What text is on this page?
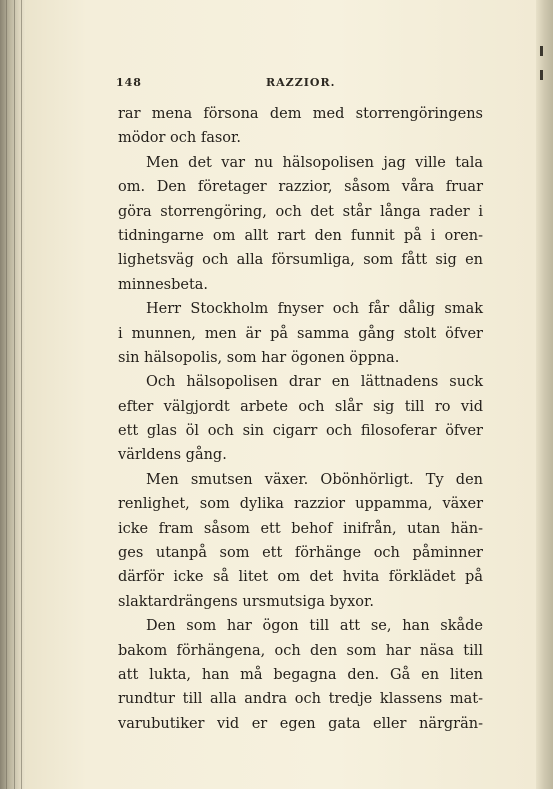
148	RAZZIOR.
rar mena försona dem med storrengöringens
mödor och fasor.
Men det var nu hälsopolisen jag ville tala
om. Den företager razzior, såsom våra fruar
göra storrengöring, och det står långa rader i
tidningarne om allt rart den funnit på i oren-
lighetsväg och alla försumliga, som fått sig en
minnesbeta.
Herr Stockholm fnyser och får dålig smak
i munnen, men är på samma gång stolt öfver
sin hälsopolis, som har ögonen öppna.
Och hälsopolisen drar en lättnadens suck
efter välgjordt arbete och slår sig till ro vid
ett glas öl och sin cigarr och filosoferar öfver
världens gång.
Men smutsen växer. Obönhörligt. Ty den
renlighet, som dylika razzior uppamma, växer
icke fram såsom ett behof inifrån, utan hän-
ges utanpå som ett förhänge och påminner
därför icke så litet om det hvita förklädet på
slaktardrängens ursmutsiga byxor.
Den som har ögon till att se, han skåde
bakom förhängena, och den som har näsa till
att lukta, han må begagna den. Gå en liten
rundtur till alla andra och tredje klassens mat-
varubutiker vid er egen gata eller närgrän-
